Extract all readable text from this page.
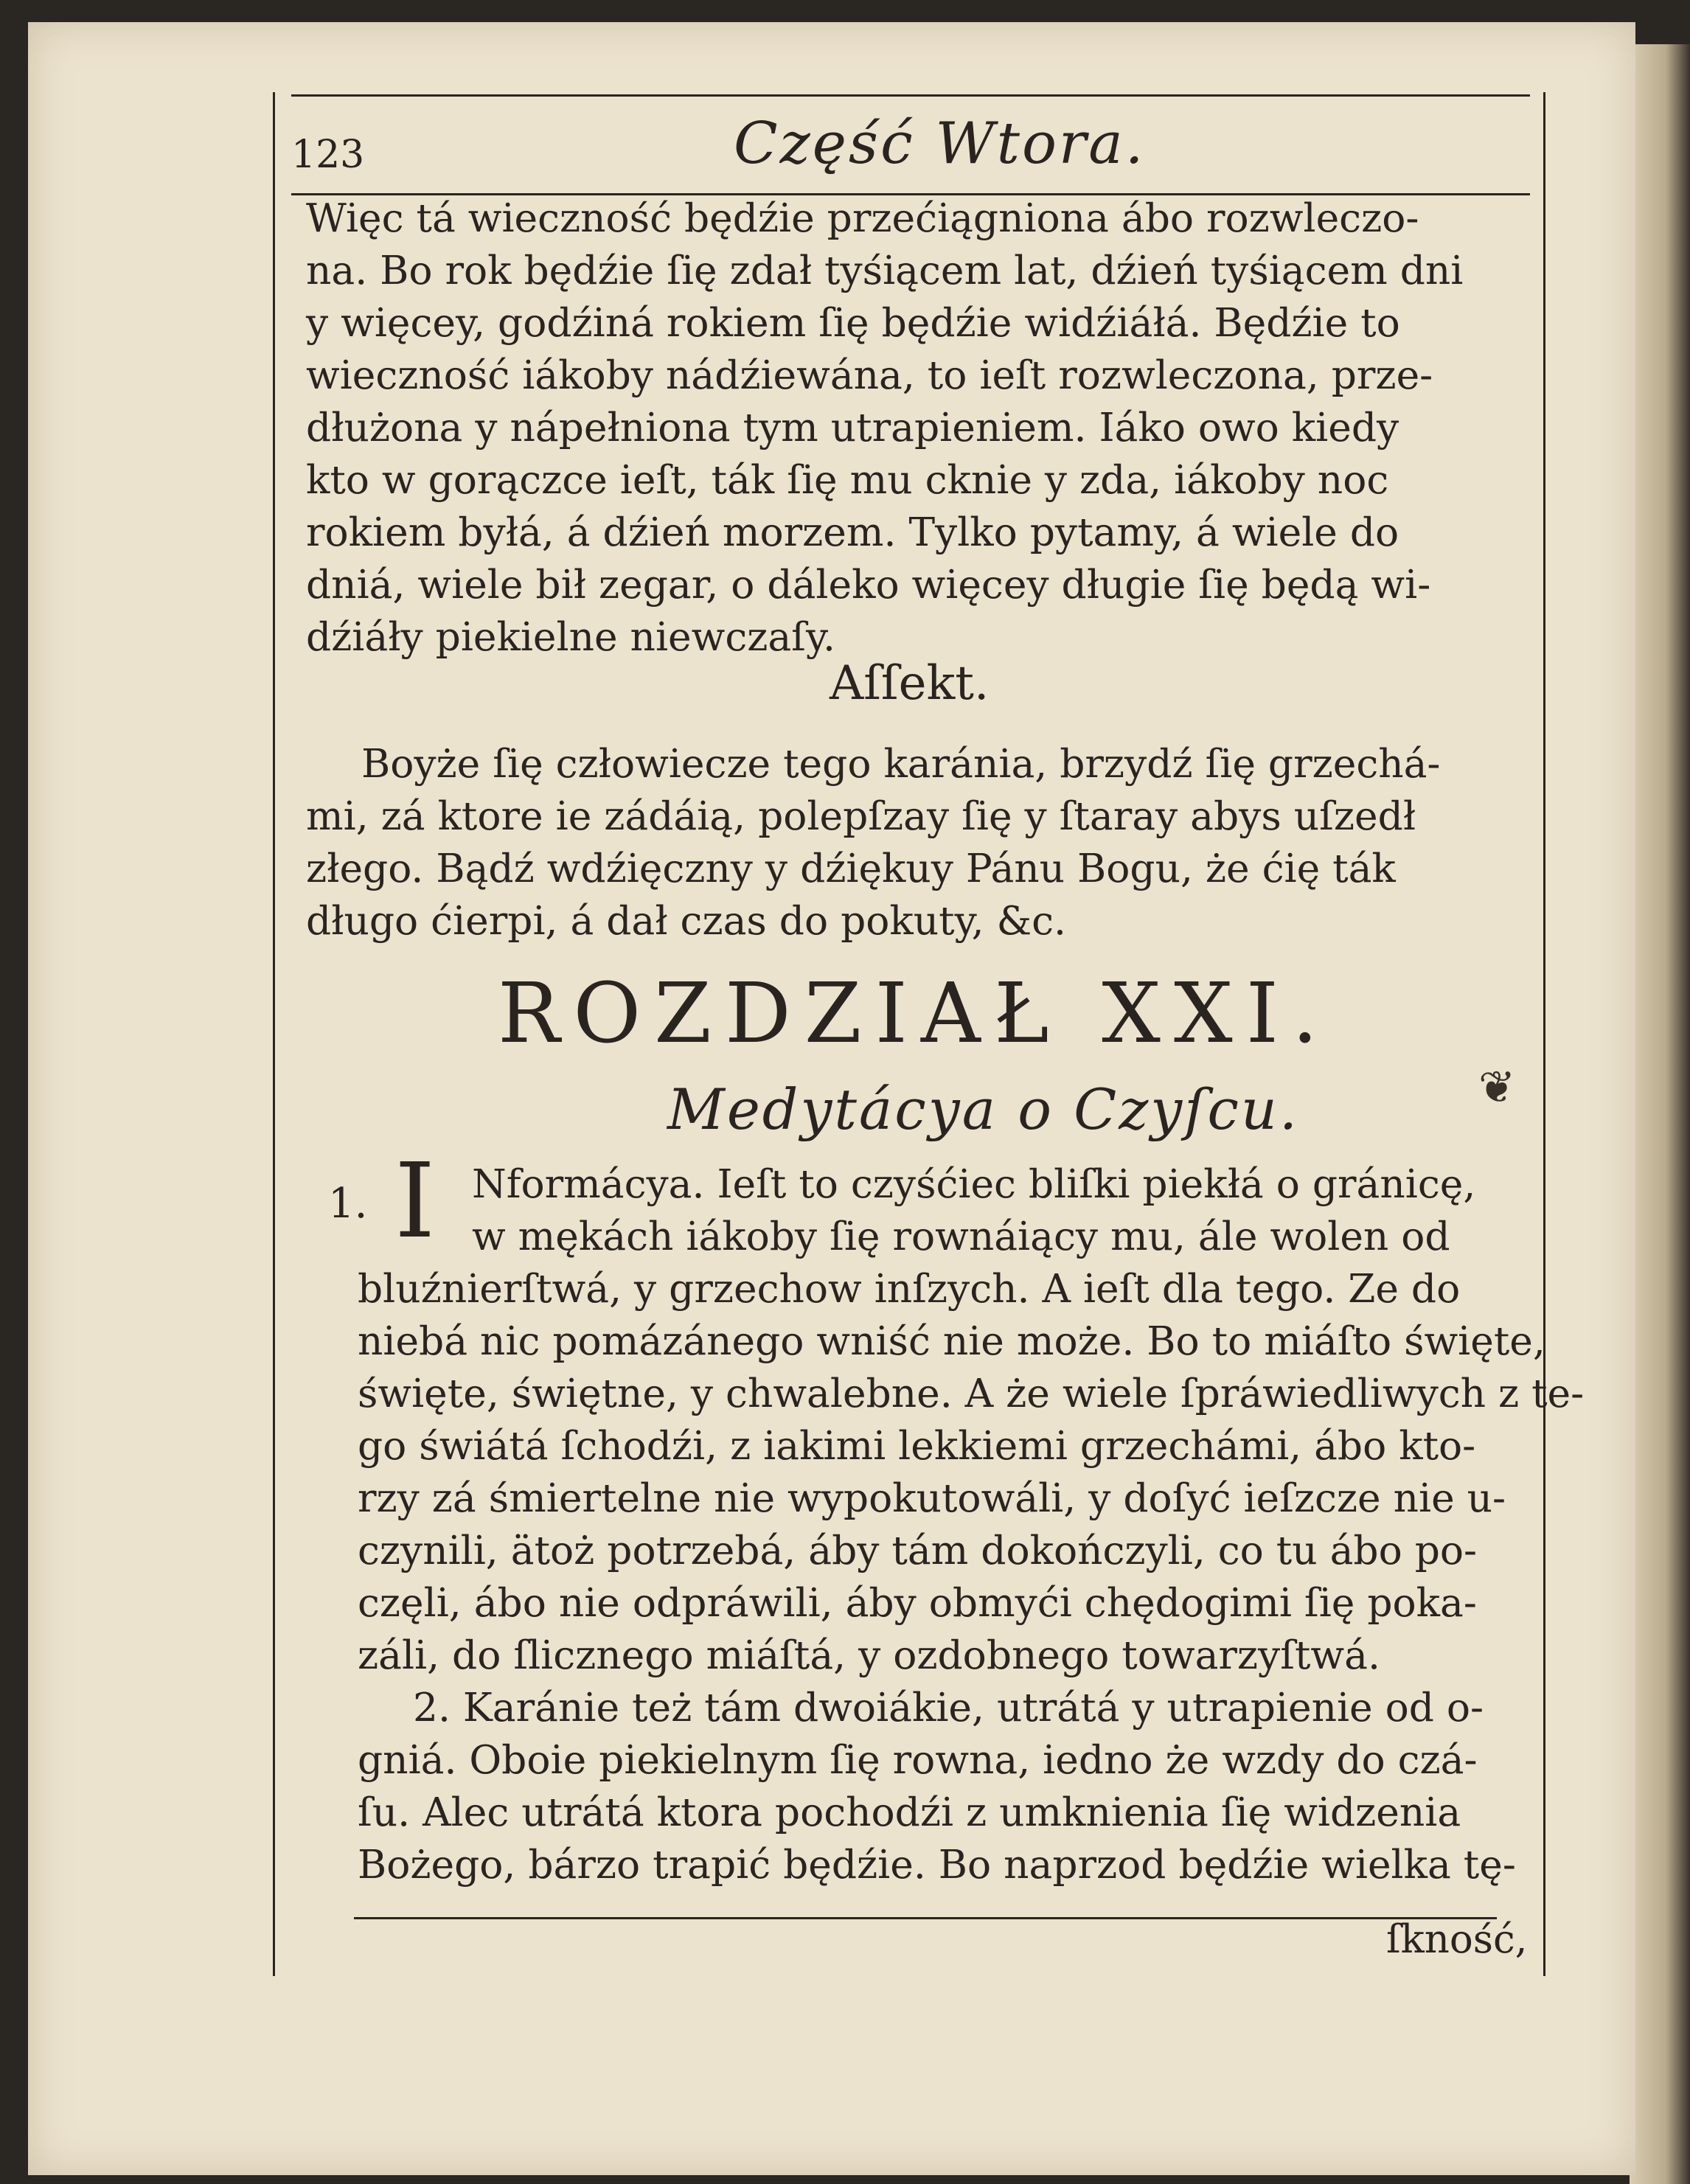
123	Część Wtora.
Więc tá wieczność będźie przećiągniona ábo rozwleczo-
na. Bo rok będźie ſię zdał tyśiącem lat, dźień tyśiącem dni
y więcey, godźiná rokiem ſię będźie widźiáłá. Będźie to
wieczność iákoby nádźiewána, to ieſt rozwleczona, prze-
dłużona y nápełniona tym utrapieniem. Iáko owo kiedy
kto w gorączce ieſt, ták ſię mu cknie y zda, iákoby noc
rokiem byłá, á dźień morzem. Tylko pytamy, á wiele do
dniá, wiele bił zegar, o dáleko więcey długie ſię będą wi-
dźiáły piekielne niewczaſy.
Aſſekt.
Boyże ſię człowiecze tego karánia, brzydź ſię grzechá-
mi, zá ktore ie zádáią, polepſzay ſię y ſtaray abys uſzedł
złego. Bądź wdźięczny y dźiękuy Pánu Bogu, że ćię ták
długo ćierpi, á dał czas do pokuty, &c.
ROZDZIAŁ XXI.
Medytácya o Czyſcu.	❦
1. I Nformácya. Ieſt to czyśćiec bliſki piekłá o gránicę,
w mękách iákoby ſię rownáiący mu, ále wolen od
bluźnierſtwá, y grzechow inſzych. A ieſt dla tego. Ze do
niebá nic pomázánego wniść nie może. Bo to miáſto święte,
święte, świętne, y chwalebne. A że wiele ſpráwiedliwych z te-
go świátá ſchodźi, z iakimi lekkiemi grzechámi, ábo kto-
rzy zá śmiertelne nie wypokutowáli, y doſyć ieſzcze nie u-
czynili, ätoż potrzebá, áby tám dokończyli, co tu ábo po-
częli, ábo nie odpráwili, áby obmyći chędogimi ſię poka-
záli, do ſlicznego miáſtá, y ozdobnego towarzyſtwá.
2. Karánie też tám dwoiákie, utrátá y utrapienie od o-
gniá. Oboie piekielnym ſię rowna, iedno że wzdy do czá-
ſu. Alec utrátá ktora pochodźi z umknienia ſię widzenia
Bożego, bárzo trapić będźie. Bo naprzod będźie wielka tę-
ſkność,
